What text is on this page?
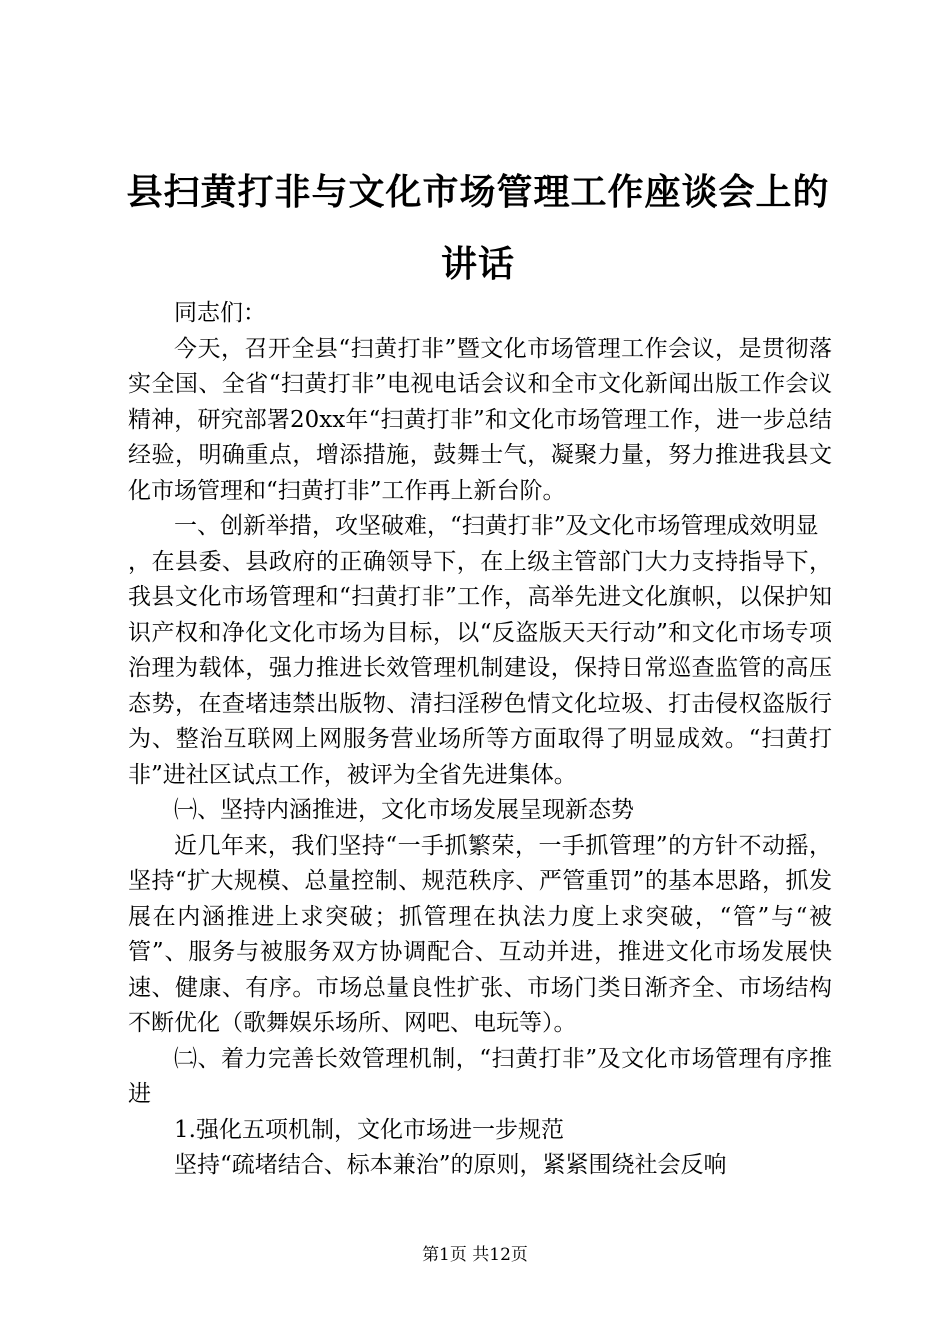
县扫黄打非与文化市场管理工作座谈会上的讲话

同志们：

今天，召开全县“扫黄打非”暨文化市场管理工作会议，是贯彻落实全国、全省“扫黄打非”电视电话会议和全市文化新闻出版工作会议精神，研究部署20xx年“扫黄打非”和文化市场管理工作，进一步总结经验，明确重点，增添措施，鼓舞士气，凝聚力量，努力推进我县文化市场管理和“扫黄打非”工作再上新台阶。

一、创新举措，攻坚破难，“扫黄打非”及文化市场管理成效明显

，在县委、县政府的正确领导下，在上级主管部门大力支持指导下，我县文化市场管理和“扫黄打非”工作，高举先进文化旗帜，以保护知识产权和净化文化市场为目标，以“反盗版天天行动”和文化市场专项治理为载体，强力推进长效管理机制建设，保持日常巡查监管的高压态势，在查堵违禁出版物、清扫淫秽色情文化垃圾、打击侵权盗版行为、整治互联网上网服务营业场所等方面取得了明显成效。“扫黄打非”进社区试点工作，被评为全省先进集体。

㈠、坚持内涵推进，文化市场发展呈现新态势

近几年来，我们坚持“一手抓繁荣，一手抓管理”的方针不动摇，坚持“扩大规模、总量控制、规范秩序、严管重罚”的基本思路，抓发展在内涵推进上求突破；抓管理在执法力度上求突破，“管”与“被管”、服务与被服务双方协调配合、互动并进，推进文化市场发展快速、健康、有序。市场总量良性扩张、市场门类日渐齐全、市场结构不断优化（歌舞娱乐场所、网吧、电玩等）。

㈡、着力完善长效管理机制，“扫黄打非”及文化市场管理有序推进

1.强化五项机制，文化市场进一步规范

坚持“疏堵结合、标本兼治”的原则，紧紧围绕社会反响

第1页 共12页
